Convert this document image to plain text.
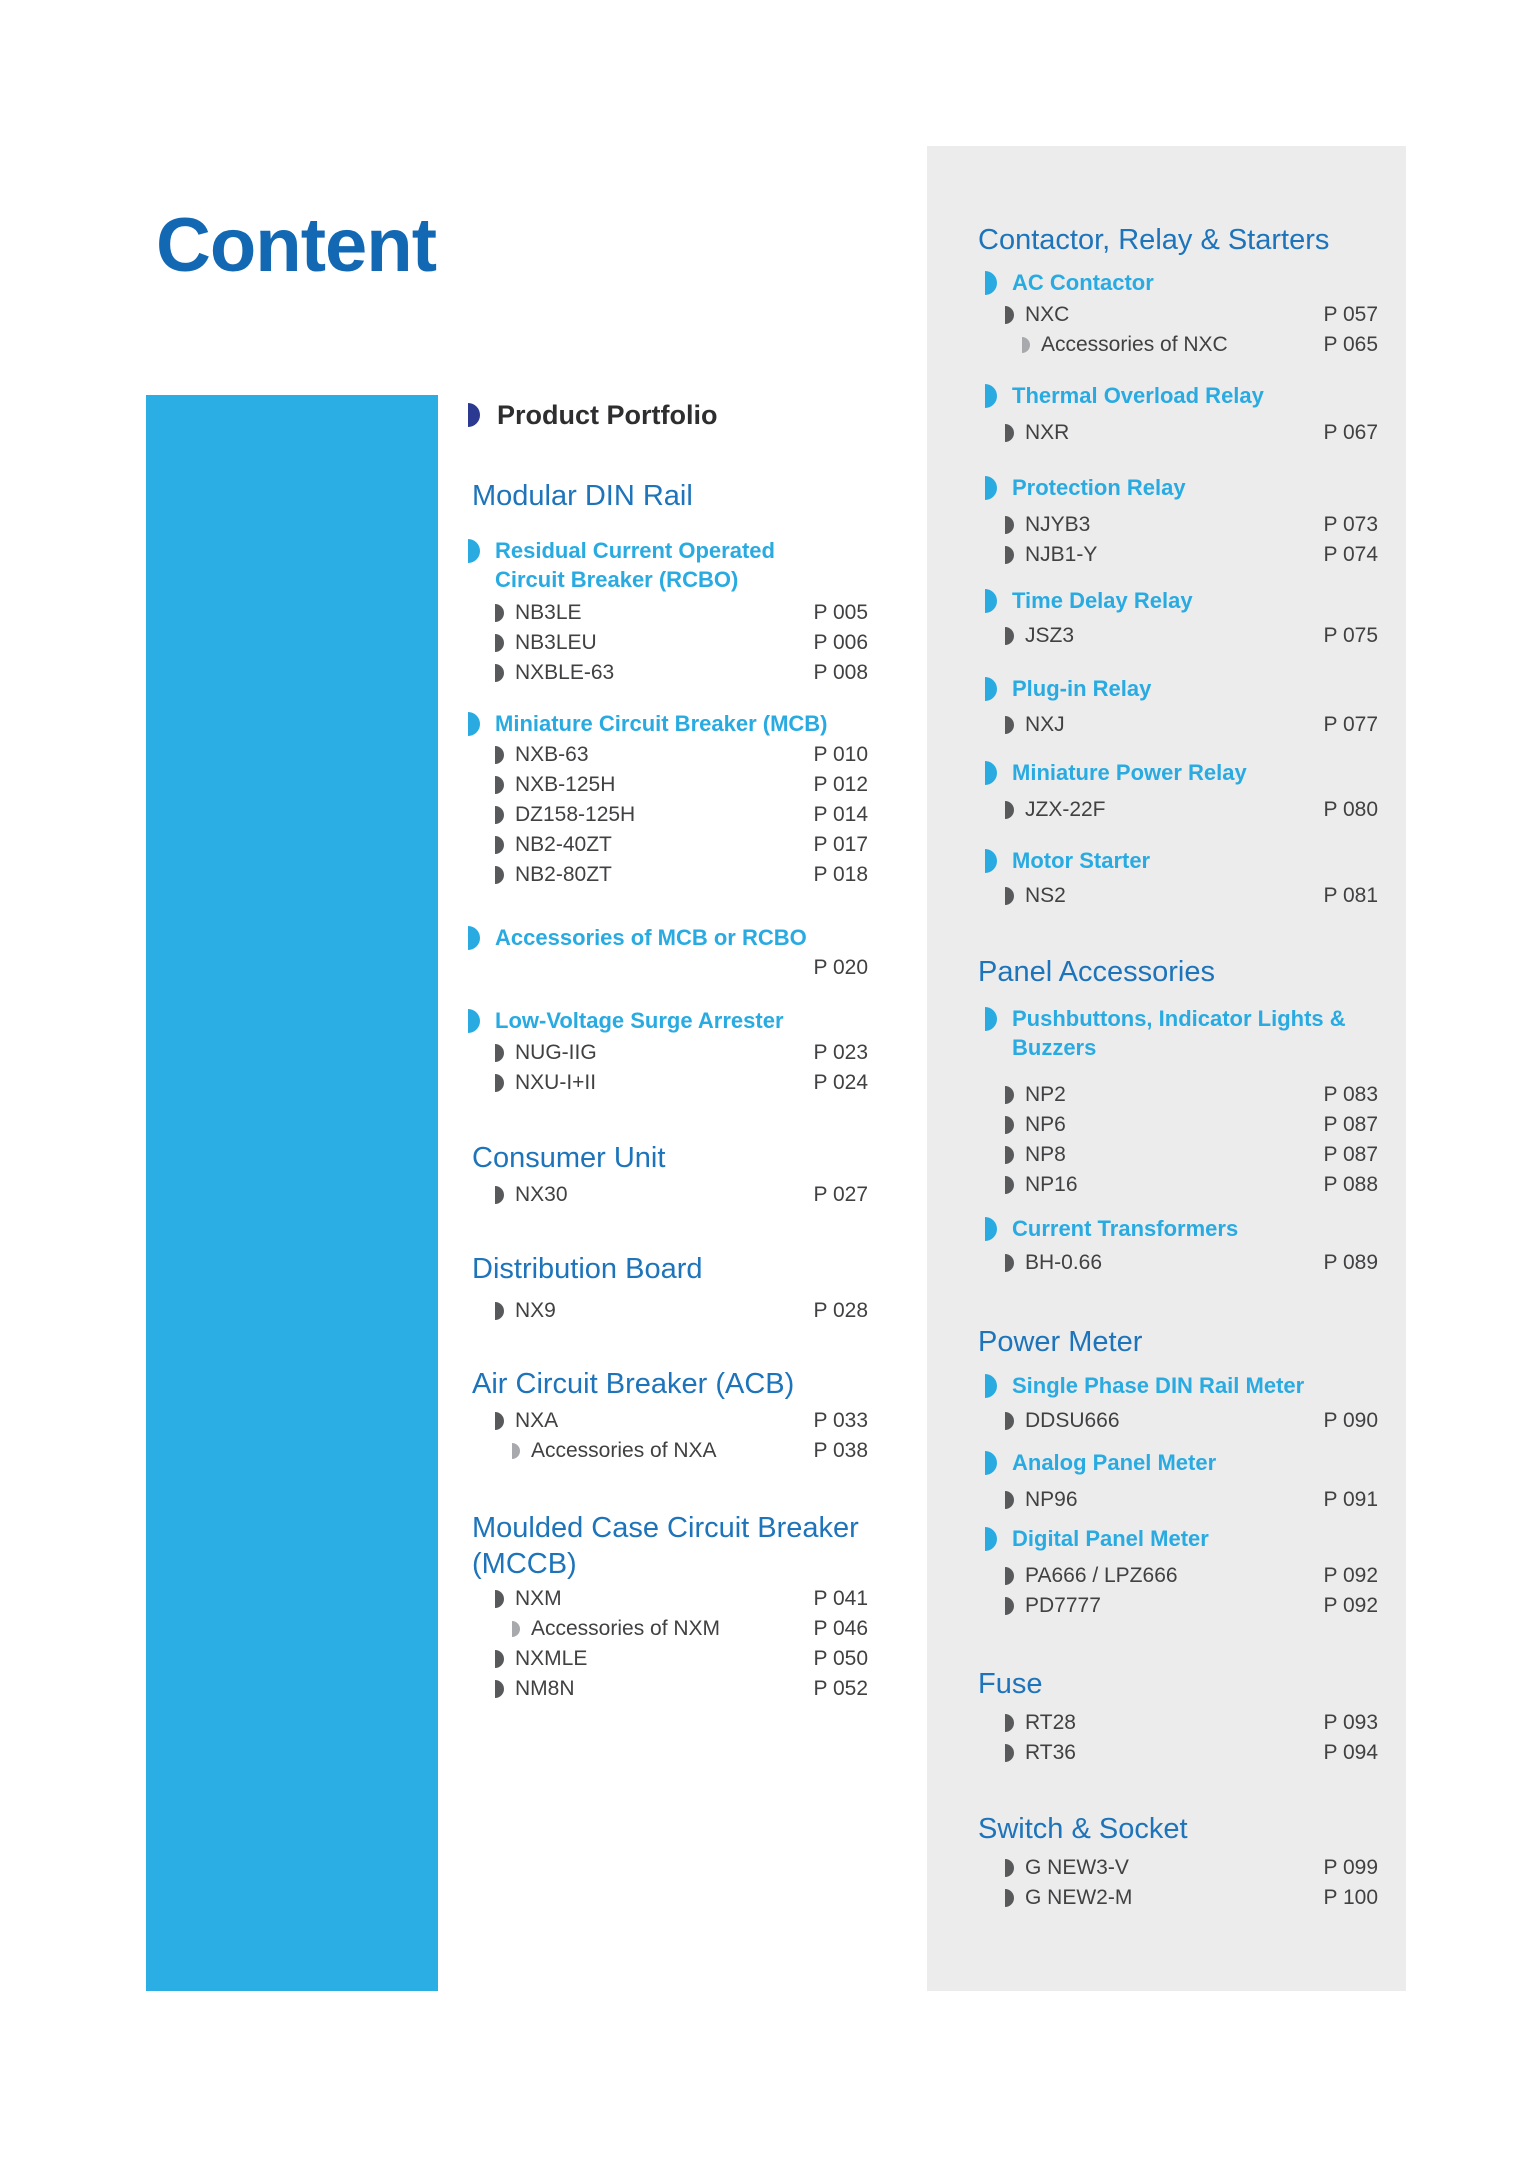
Content
Product Portfolio
Modular DIN Rail
Residual Current Operated Circuit Breaker (RCBO)
NB3LE	P 005
NB3LEU	P 006
NXBLE-63	P 008
Miniature Circuit Breaker (MCB)
NXB-63	P 010
NXB-125H	P 012
DZ158-125H	P 014
NB2-40ZT	P 017
NB2-80ZT	P 018
Accessories of MCB or RCBO
P 020
Low-Voltage Surge Arrester
NUG-IIG	P 023
NXU-I+II	P 024
Consumer Unit
NX30	P 027
Distribution Board
NX9	P 028
Air Circuit Breaker (ACB)
NXA	P 033
Accessories of NXA	P 038
Moulded Case Circuit Breaker (MCCB)
NXM	P 041
Accessories of NXM	P 046
NXMLE	P 050
NM8N	P 052
Contactor, Relay & Starters
AC Contactor
NXC	P 057
Accessories of NXC	P 065
Thermal Overload Relay
NXR	P 067
Protection Relay
NJYB3	P 073
NJB1-Y	P 074
Time Delay Relay
JSZ3	P 075
Plug-in Relay
NXJ	P 077
Miniature Power Relay
JZX-22F	P 080
Motor Starter
NS2	P 081
Panel Accessories
Pushbuttons, Indicator Lights & Buzzers
NP2	P 083
NP6	P 087
NP8	P 087
NP16	P 088
Current Transformers
BH-0.66	P 089
Power Meter
Single Phase DIN Rail Meter
DDSU666	P 090
Analog Panel Meter
NP96	P 091
Digital Panel Meter
PA666 / LPZ666	P 092
PD7777	P 092
Fuse
RT28	P 093
RT36	P 094
Switch & Socket
G NEW3-V	P 099
G NEW2-M	P 100
